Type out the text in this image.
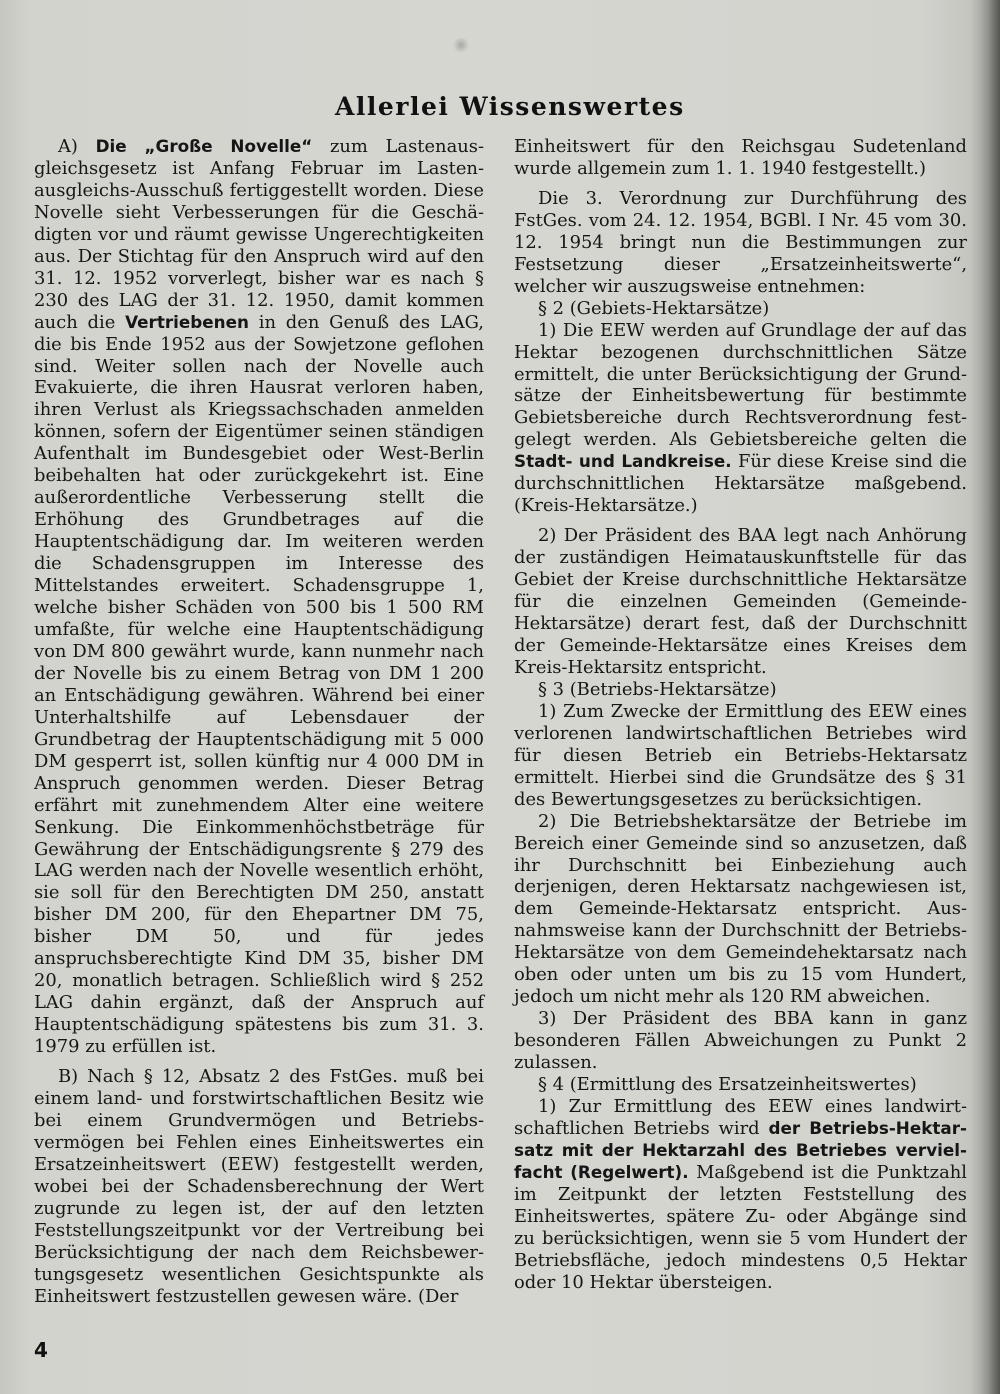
Allerlei Wissenswertes

A) Die „Große Novelle“ zum Lastenausgleichsgesetz ist Anfang Februar im Lastenausgleichs-Ausschuß fertiggestellt worden. Diese Novelle sieht Verbesserungen für die Geschädigten vor und räumt gewisse Ungerechtigkeiten aus. Der Stichtag für den Anspruch wird auf den 31. 12. 1952 vorverlegt, bisher war es nach § 230 des LAG der 31. 12. 1950, damit kommen auch die Vertriebenen in den Genuß des LAG, die bis Ende 1952 aus der Sowjetzone geflohen sind. Weiter sollen nach der Novelle auch Evakuierte, die ihren Hausrat verloren haben, ihren Verlust als Kriegssachschaden anmelden können, sofern der Eigentümer seinen ständigen Aufenthalt im Bundesgebiet oder West-Berlin beibehalten hat oder zurückgekehrt ist. Eine außerordentliche Verbesserung stellt die Erhöhung des Grundbetrages auf die Hauptentschädigung dar. Im weiteren werden die Schadensgruppen im Interesse des Mittelstandes erweitert. Schadensgruppe 1, welche bisher Schäden von 500 bis 1 500 RM umfaßte, für welche eine Hauptentschädigung von DM 800 gewährt wurde, kann nunmehr nach der Novelle bis zu einem Betrag von DM 1 200 an Entschädigung gewähren. Während bei einer Unterhaltshilfe auf Lebensdauer der Grundbetrag der Hauptentschädigung mit 5 000 DM gesperrt ist, sollen künftig nur 4 000 DM in Anspruch genommen werden. Dieser Betrag erfährt mit zunehmendem Alter eine weitere Senkung. Die Einkommenhöchstbeträge für Gewährung der Entschädigungsrente § 279 des LAG werden nach der Novelle wesentlich erhöht, sie soll für den Berechtigten DM 250, anstatt bisher DM 200, für den Ehepartner DM 75, bisher DM 50, und für jedes anspruchsberechtigte Kind DM 35, bisher DM 20, monatlich betragen. Schließlich wird § 252 LAG dahin ergänzt, daß der Anspruch auf Hauptentschädigung spätestens bis zum 31. 3. 1979 zu erfüllen ist.

B) Nach § 12, Absatz 2 des FstGes. muß bei einem land- und forstwirtschaftlichen Besitz wie bei einem Grundvermögen und Betriebsvermögen bei Fehlen eines Einheitswertes ein Ersatzeinheitswert (EEW) festgestellt werden, wobei bei der Schadensberechnung der Wert zugrunde zu legen ist, der auf den letzten Feststellungszeitpunkt vor der Vertreibung bei Berücksichtigung der nach dem Reichsbewertungsgesetz wesentlichen Gesichtspunkte als Einheitswert festzustellen gewesen wäre. (Der

Einheitswert für den Reichsgau Sudetenland wurde allgemein zum 1. 1. 1940 festgestellt.)

Die 3. Verordnung zur Durchführung des FstGes. vom 24. 12. 1954, BGBl. I Nr. 45 vom 30. 12. 1954 bringt nun die Bestimmungen zur Festsetzung dieser „Ersatzeinheitswerte“, welcher wir auszugsweise entnehmen:

§ 2 (Gebiets-Hektarsätze)

1) Die EEW werden auf Grundlage der auf das Hektar bezogenen durchschnittlichen Sätze ermittelt, die unter Berücksichtigung der Grundsätze der Einheitsbewertung für bestimmte Gebietsbereiche durch Rechtsverordnung festgelegt werden. Als Gebietsbereiche gelten die Stadt- und Landkreise. Für diese Kreise sind die durchschnittlichen Hektarsätze maßgebend. (Kreis-Hektarsätze.)

2) Der Präsident des BAA legt nach Anhörung der zuständigen Heimatauskunftstelle für das Gebiet der Kreise durchschnittliche Hektarsätze für die einzelnen Gemeinden (Gemeinde-Hektarsätze) derart fest, daß der Durchschnitt der Gemeinde-Hektarsätze eines Kreises dem Kreis-Hektarsitz entspricht.

§ 3 (Betriebs-Hektarsätze)

1) Zum Zwecke der Ermittlung des EEW eines verlorenen landwirtschaftlichen Betriebes wird für diesen Betrieb ein Betriebs-Hektarsatz ermittelt. Hierbei sind die Grundsätze des § 31 des Bewertungsgesetzes zu berücksichtigen.

2) Die Betriebshektarsätze der Betriebe im Bereich einer Gemeinde sind so anzusetzen, daß ihr Durchschnitt bei Einbeziehung auch derjenigen, deren Hektarsatz nachgewiesen ist, dem Gemeinde-Hektarsatz entspricht. Ausnahmsweise kann der Durchschnitt der Betriebs-Hektarsätze von dem Gemeindehektarsatz nach oben oder unten um bis zu 15 vom Hundert, jedoch um nicht mehr als 120 RM abweichen.

3) Der Präsident des BBA kann in ganz besonderen Fällen Abweichungen zu Punkt 2 zulassen.

§ 4 (Ermittlung des Ersatzeinheitswertes)

1) Zur Ermittlung des EEW eines landwirtschaftlichen Betriebs wird der Betriebs-Hektarsatz mit der Hektarzahl des Betriebes vervielfacht (Regelwert). Maßgebend ist die Punktzahl im Zeitpunkt der letzten Feststellung des Einheitswertes, spätere Zu- oder Abgänge sind zu berücksichtigen, wenn sie 5 vom Hundert der Betriebsfläche, jedoch mindestens 0,5 Hektar oder 10 Hektar übersteigen.

4
